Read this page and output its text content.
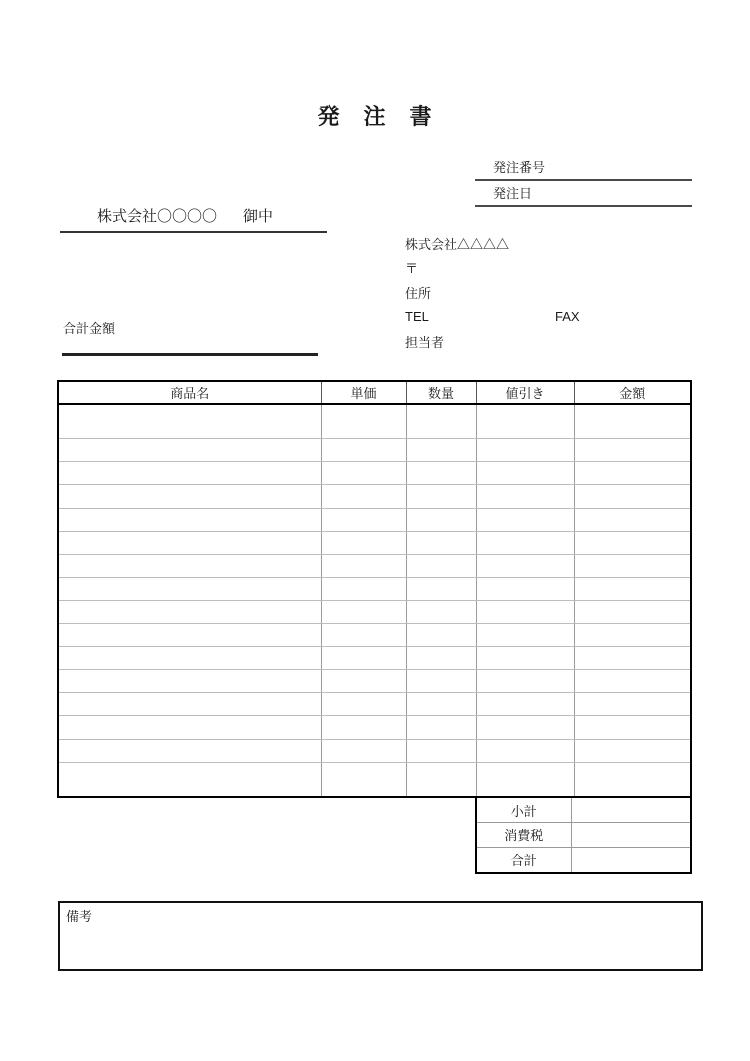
発　注　書
発注番号
発注日
株式会社〇〇〇〇 御中
株式会社△△△△
〒
住所
TEL	FAX
担当者
合計金額
商品名	単価	数量	値引き	金額

小計	
消費税	
合計	
備考
